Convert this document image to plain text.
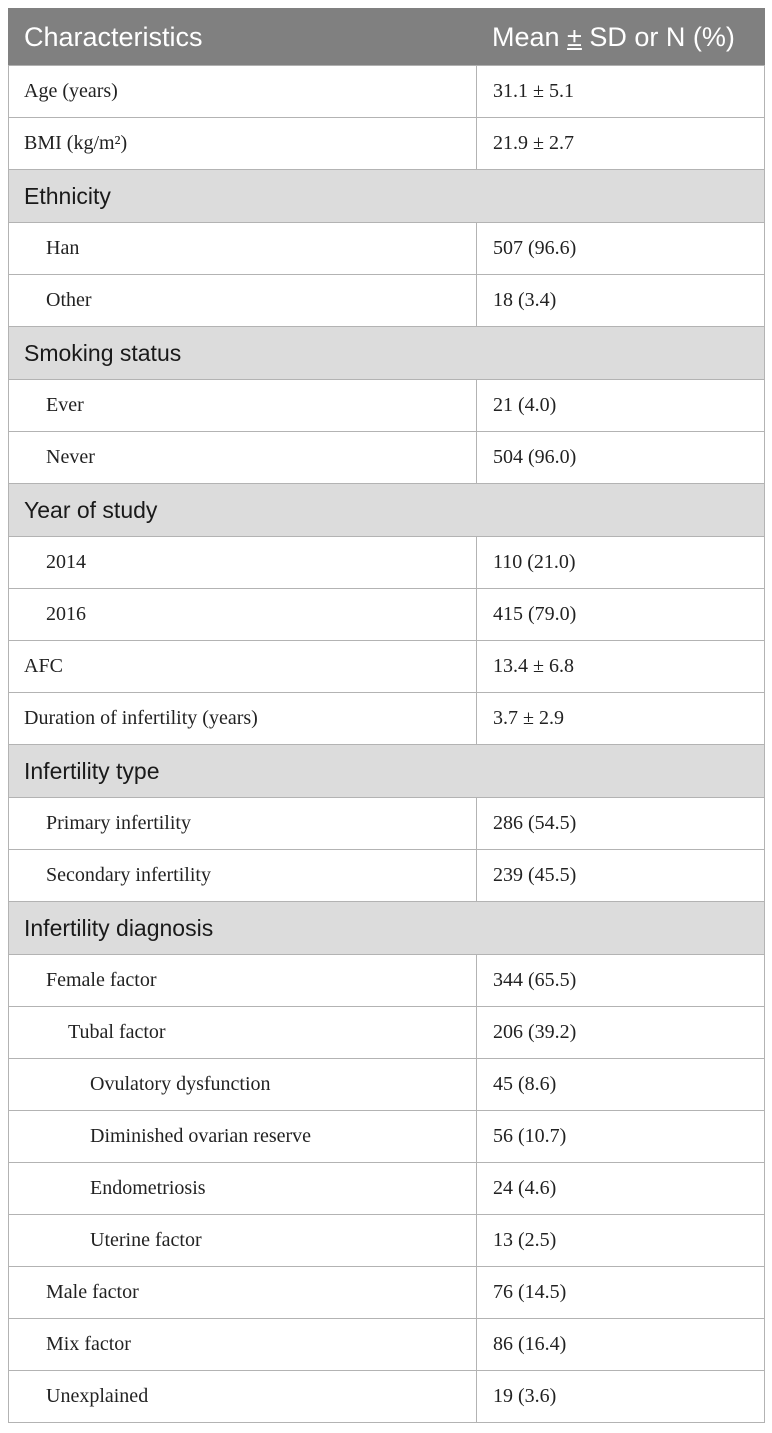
Characteristics	Mean ± SD or N (%)
Age (years)	31.1 ± 5.1
BMI (kg/m²)	21.9 ± 2.7
Ethnicity	
Han	507 (96.6)
Other	18 (3.4)
Smoking status	
Ever	21 (4.0)
Never	504 (96.0)
Year of study	
2014	110 (21.0)
2016	415 (79.0)
AFC	13.4 ± 6.8
Duration of infertility (years)	3.7 ± 2.9
Infertility type	
Primary infertility	286 (54.5)
Secondary infertility	239 (45.5)
Infertility diagnosis	
Female factor	344 (65.5)
Tubal factor	206 (39.2)
Ovulatory dysfunction	45 (8.6)
Diminished ovarian reserve	56 (10.7)
Endometriosis	24 (4.6)
Uterine factor	13 (2.5)
Male factor	76 (14.5)
Mix factor	86 (16.4)
Unexplained	19 (3.6)
